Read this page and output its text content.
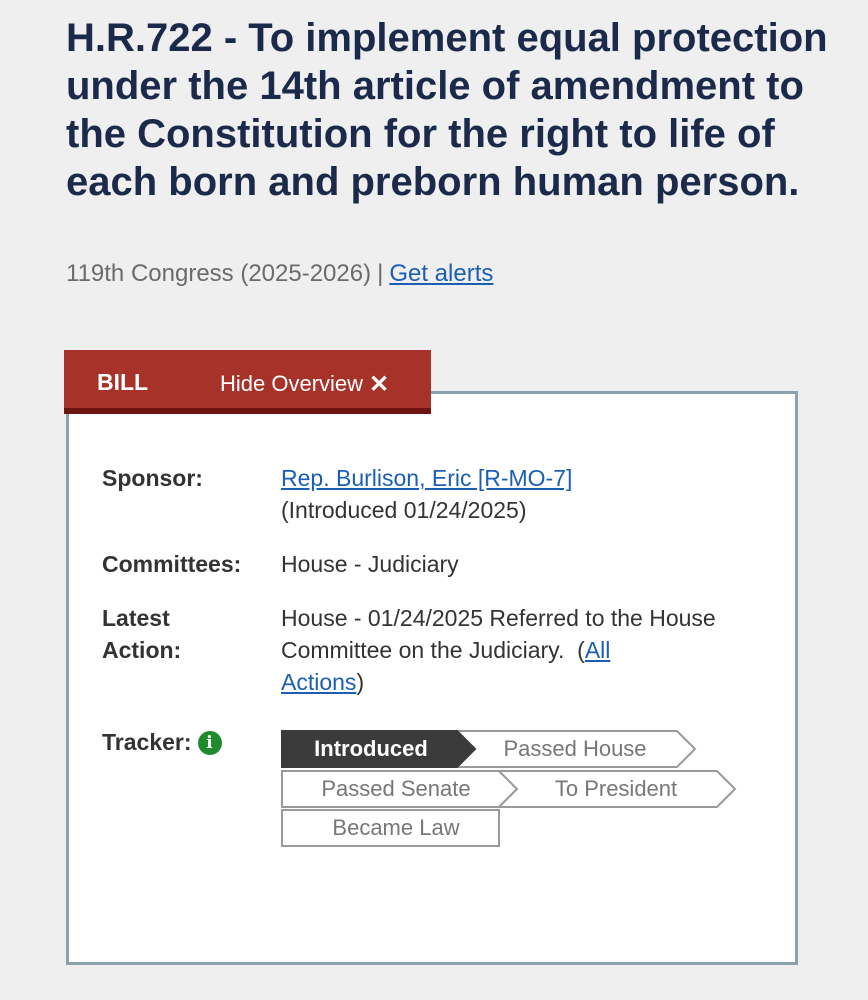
H.R.722 - To implement equal protection under the 14th article of amendment to the Constitution for the right to life of each born and preborn human person.
119th Congress (2025-2026) | Get alerts
BILL	Hide Overview ✕
Sponsor:	Rep. Burlison, Eric [R-MO-7]
(Introduced 01/24/2025)
Committees: House - Judiciary
Latest
Action:
House - 01/24/2025 Referred to the House Committee on the Judiciary.  (All
Actions)
Tracker: i	Introduced	Passed House
Passed Senate	To President
Became Law
